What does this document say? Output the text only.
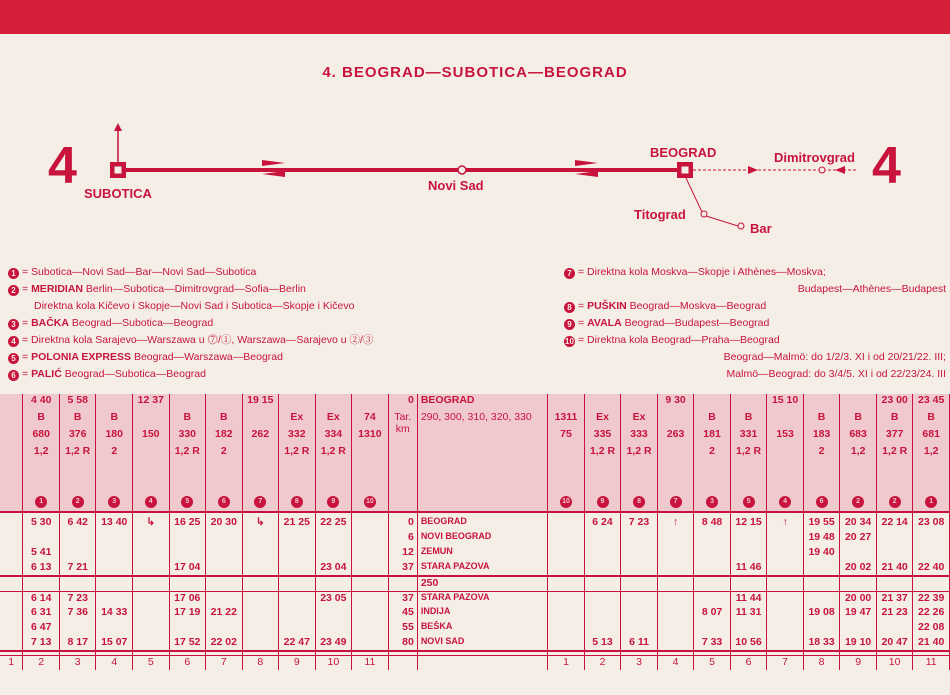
4. BEOGRAD—SUBOTICA—BEOGRAD
4	4
SUBOTICA
Novi Sad
BEOGRAD	Dimitrovgrad
Titograd
Bar
1 = Subotica—Novi Sad—Bar—Novi Sad—Subotica
2 = MERIDIAN Berlin—Subotica—Dimitrovgrad—Sofia—Berlin
Direktna kola Kičevo i Skopje—Novi Sad i Subotica—Skopje i Kičevo
3 = BAČKA Beograd—Subotica—Beograd
4 = Direktna kola Sarajevo—Warszawa u ⓻/①, Warszawa—Sarajevo u ②/③
5 = POLONIA EXPRESS Beograd—Warszawa—Beograd
6 = PALIĆ Beograd—Subotica—Beograd
7 = Direktna kola Moskva—Skopje i Athènes—Moskva;
Budapest—Athènes—Budapest
8 = PUŠKIN Beograd—Moskva—Beograd
9 = AVALA Beograd—Budapest—Beograd
10 = Direktna kola Beograd—Praha—Beograd
Beograd—Malmö: do 1/2/3. XI i od 20/21/22. III;
Malmö—Beograd: do 3/4/5. XI i od 22/23/24. III
	4 40	5 58		12 37			19 15				0	BEOGRAD				9 30			15 10			23 00	23 45
	B	B	B		B	B		Ex	Ex	74	Tar. km	290, 300, 310, 320, 330	1311	Ex	Ex		B	B		B	B	B	B
	680	376	180	150	330	182	262	332	334	1310			75	335	333	263	181	331	153	183	683	377	681
	1,2	1,2 R	2		1,2 R	2		1,2 R	1,2 R					1,2 R	1,2 R		2	1,2 R		2	1,2	1,2 R	1,2

	1	2	3	4	5	6	7	8	9	10			10	9	8	7	3	5	4	6	2	2	1

	5 30	6 42	13 40	↳	16 25	20 30	↳	21 25	22 25		0	BEOGRAD		6 24	7 23	↑	8 48	12 15	↑	19 55	20 34	22 14	23 08
											6	NOVI BEOGRAD								19 48	20 27		
	5 41										12	ZEMUN								19 40			
	6 13	7 21			17 04				23 04		37	STARA PAZOVA						11 46			20 02	21 40	22 40
												250											
	6 14	7 23			17 06				23 05		37	STARA PAZOVA						11 44			20 00	21 37	22 39
	6 31	7 36	14 33		17 19	21 22					45	INDIJA					8 07	11 31		19 08	19 47	21 23	22 26
	6 47										55	BEŠKA											22 08
	7 13	8 17	15 07		17 52	22 02		22 47	23 49		80	NOVI SAD		5 13	6 11		7 33	10 56		18 33	19 10	20 47	21 40

1	2	3	4	5	6	7	8	9	10	11			1	2	3	4	5	6	7	8	9	10	11
